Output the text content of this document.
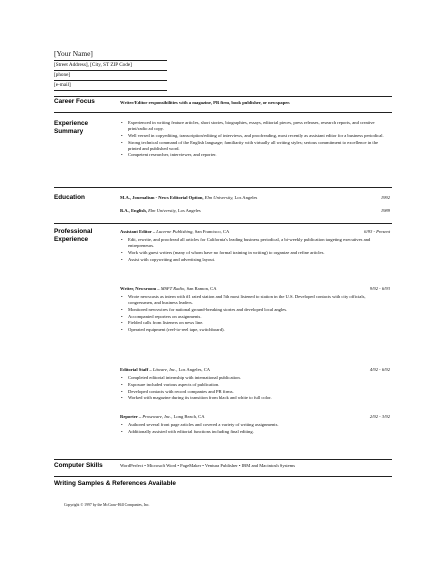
[Your Name]
[Street Address], [City, ST ZIP Code]
[phone]
[e-mail]
Career Focus	Writer/Editor responsibilities with a magazine, PR firm, book publisher, or newspaper.
Experience
Summary
• Experienced in writing feature articles, short stories, biographies, essays, editorial pieces, press releases, research reports, and creative print/radio ad copy.
• Well versed in copyediting, transcription/editing of interviews, and proofreading, most recently as assistant editor for a business periodical.
• Strong technical command of the English language; familiarity with virtually all writing styles; serious commitment to excellence in the printed and published word.
• Competent researcher, interviewer, and reporter.
Education	M.A., Journalism - News Editorial Option, Elm University, Los Angeles	1992
B.A., English, Elm University, Los Angeles	1989
Professional
Experience
Assistant Editor – Lucerne Publishing, San Francisco, CA	6/93 - Present
• Edit, rewrite, and proofread all articles for California's leading business periodical, a bi-weekly publication targeting executives and entrepreneurs.
• Work with guest writers (many of whom have no formal training in writing) to organize and refine articles.
• Assist with copywriting and advertising layout.
Writer, Newsroom – MSFT Radio, San Ramon, CA	9/92 - 6/93
• Wrote newscasts as intern with #1 rated station and 5th most listened to station in the U.S. Developed contacts with city officials, congressmen, and business leaders.
• Monitored newswires for national ground-breaking stories and developed local angles.
• Accompanied reporters on assignments.
• Fielded calls from listeners on news line.
• Operated equipment (reel-to-reel tape, switchboard).
Editorial Staff – Litware, Inc., Los Angeles, CA	4/92 - 6/92
• Completed editorial internship with international publication.
• Exposure included various aspects of publication.
• Developed contacts with record companies and PR firms.
• Worked with magazine during its transition from black and white to full color.
Reporter – Proseware, Inc., Long Beach, CA	2/92 - 3/92
• Authored several front page articles and covered a variety of writing assignments.
• Additionally assisted with editorial functions including final editing.
Computer Skills	WordPerfect • Microsoft Word • PageMaker • Ventura Publisher • IBM and Macintosh Systems
Writing Samples & References Available
Copyright © 1997 by the McGraw-Hill Companies, Inc.
